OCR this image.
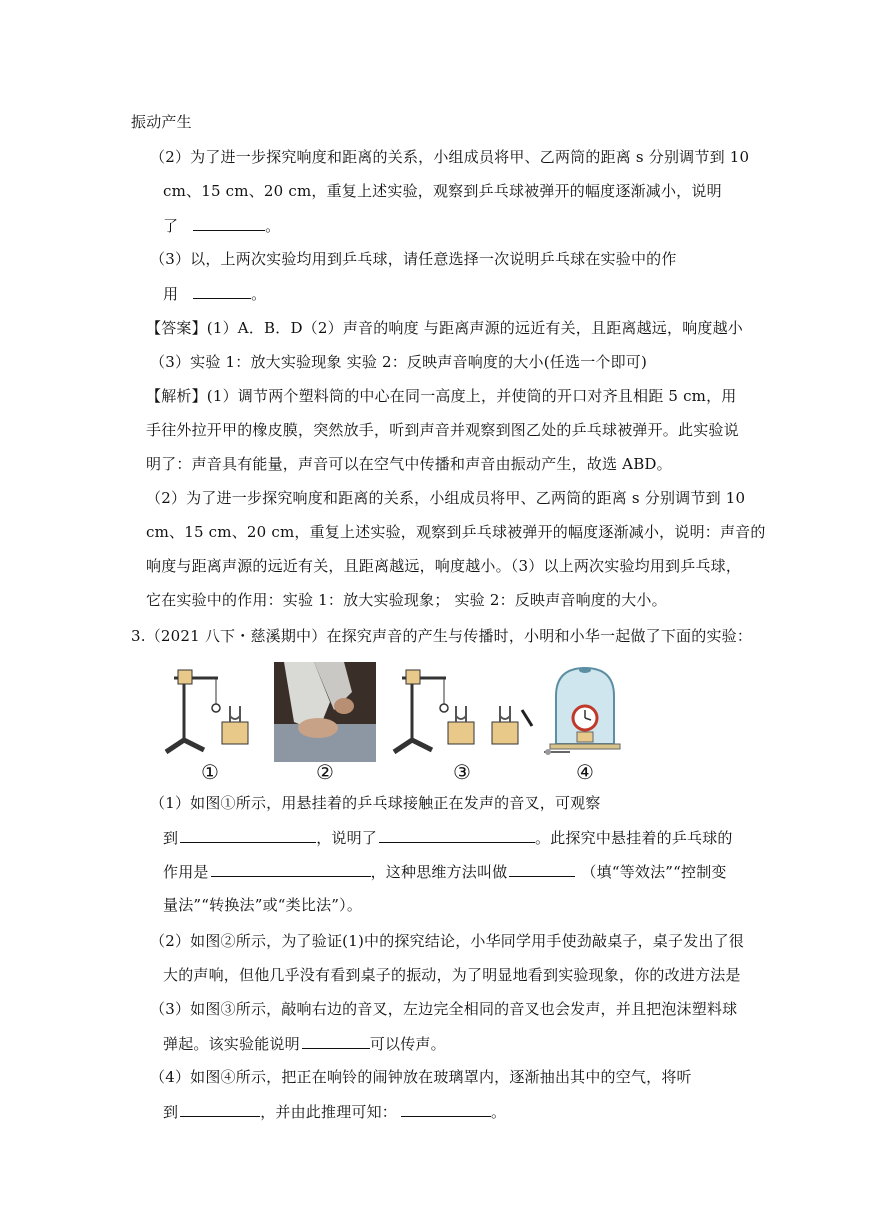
振动产生
（2）为了进一步探究响度和距离的关系，小组成员将甲、乙两筒的距离 s 分别调节到 10
cm、15 cm、20 cm，重复上述实验，观察到乒乓球被弹开的幅度逐渐减小，说明
了	。
（3）以，上两次实验均用到乒乓球，请任意选择一次说明乒乓球在实验中的作
用	。
【答案】(1）A．B．D（2）声音的响度 与距离声源的远近有关，且距离越远，响度越小
（3）实验 1：放大实验现象 实验 2：反映声音响度的大小(任选一个即可)
【解析】(1）调节两个塑料筒的中心在同一高度上，并使筒的开口对齐且相距 5 cm，用
手往外拉开甲的橡皮膜，突然放手，听到声音并观察到图乙处的乒乓球被弹开。此实验说
明了：声音具有能量，声音可以在空气中传播和声音由振动产生，故选 ABD。
（2）为了进一步探究响度和距离的关系，小组成员将甲、乙两筒的距离 s 分别调节到 10
cm、15 cm、20 cm，重复上述实验，观察到乒乓球被弹开的幅度逐渐减小，说明：声音的
响度与距离声源的远近有关，且距离越远，响度越小。（3）以上两次实验均用到乒乓球，
它在实验中的作用：实验 1：放大实验现象； 实验 2：反映声音响度的大小。
3.（2021 八下・慈溪期中）在探究声音的产生与传播时，小明和小华一起做了下面的实验：
①	②	③	④
（1）如图①所示，用悬挂着的乒乓球接触正在发声的音叉，可观察
到	，说明了	。此探究中悬挂着的乒乓球的
作用是	，这种思维方法叫做	（填“等效法”“控制变
量法”“转换法”或“类比法”）。
（2）如图②所示，为了验证(1)中的探究结论，小华同学用手使劲敲桌子，桌子发出了很
大的声响，但他几乎没有看到桌子的振动，为了明显地看到实验现象，你的改进方法是
（3）如图③所示，敲响右边的音叉，左边完全相同的音叉也会发声，并且把泡沫塑料球
弹起。该实验能说明	可以传声。
（4）如图④所示，把正在响铃的闹钟放在玻璃罩内，逐渐抽出其中的空气，将听
到	，并由此推理可知：	。
